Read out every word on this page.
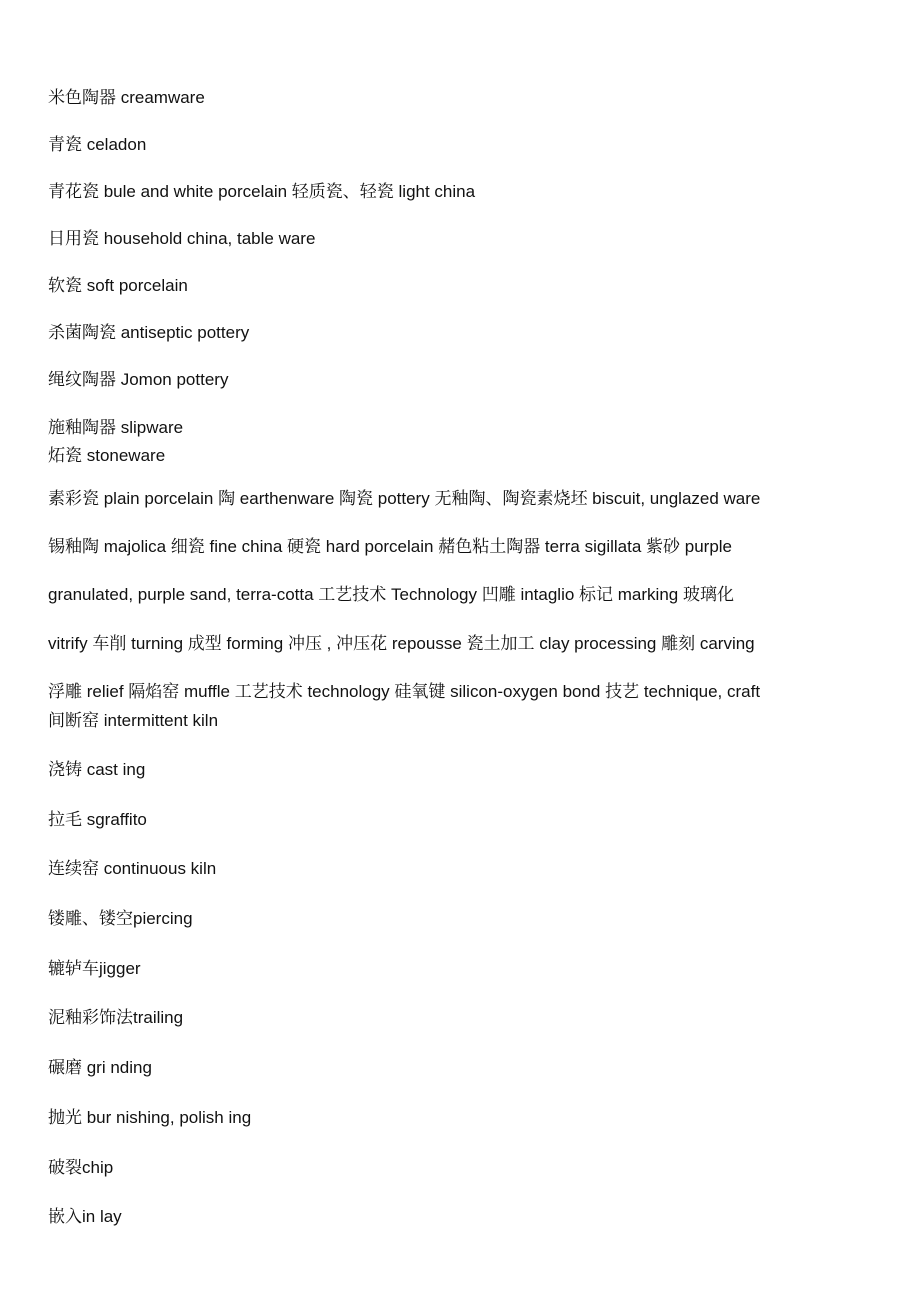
米色陶器 creamware
青瓷 celadon
青花瓷 bule and white porcelain 轻质瓷、轻瓷 light china
日用瓷 household china, table ware
软瓷 soft porcelain
杀菌陶瓷 antiseptic pottery
绳纹陶器 Jomon pottery
施釉陶器 slipware
炻瓷 stoneware
素彩瓷 plain porcelain 陶 earthenware 陶瓷 pottery 无釉陶、陶瓷素烧坯 biscuit, unglazed ware
锡釉陶 majolica 细瓷 fine china 硬瓷 hard porcelain 赭色粘土陶器 terra sigillata 紫砂 purple
granulated, purple sand, terra-cotta 工艺技术 Technology 凹雕 intaglio 标记 marking 玻璃化
vitrify 车削 turning 成型 forming 冲压 , 冲压花 repousse 瓷土加工 clay processing 雕刻 carving
浮雕 relief 隔焰窑 muffle 工艺技术 technology 硅氧键 silicon-oxygen bond 技艺 technique, craft
间断窑 intermittent kiln
浇铸 cast ing
拉毛 sgraffito
连续窑 continuous kiln
镂雕、镂空piercing
辘轳车jigger
泥釉彩饰法trailing
碾磨 gri nding
抛光 bur nishing, polish ing
破裂chip
嵌入in lay
